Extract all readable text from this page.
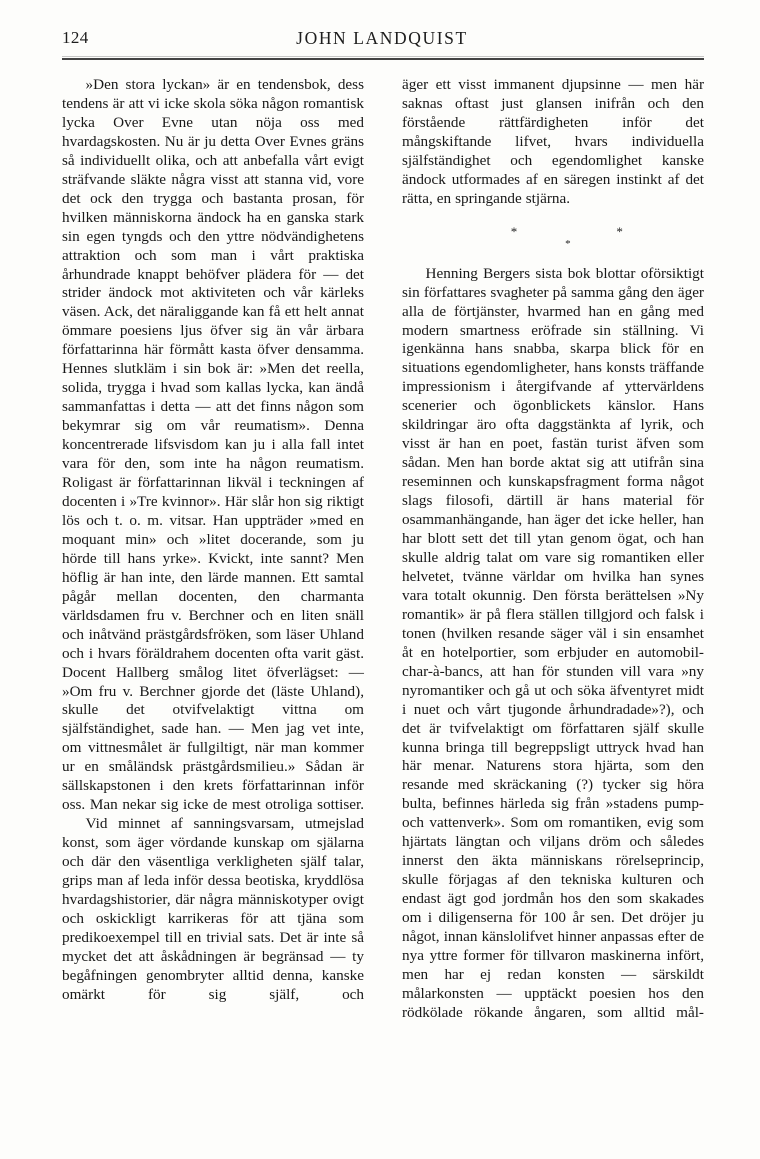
124	JOHN LANDQUIST

»Den stora lyckan» är en tendensbok, dess tendens är att vi icke skola söka någon romantisk lycka Over Evne utan nöja oss med hvardagskosten. Nu är ju detta Over Evnes gräns så individuellt olika, och att anbefalla vårt evigt sträfvande släkte några visst att stanna vid, vore det ock den trygga och bastanta prosan, för hvilken människorna ändock ha en ganska stark sin egen tyngds och den yttre nödvändighetens attraktion och som man i vårt praktiska århundrade knappt behöfver plädera för — det strider ändock mot aktiviteten och vår kärleks väsen. Ack, det näraliggande kan få ett helt annat ömmare poesiens ljus öfver sig än vår ärbara författarinna här förmått kasta öfver densamma. Hennes slutkläm i sin bok är: »Men det reella, solida, trygga i hvad som kallas lycka, kan ändå sammanfattas i detta — att det finns någon som bekymrar sig om vår reumatism». Denna koncentrerade lifsvisdom kan ju i alla fall intet vara för den, som inte ha någon reumatism. Roligast är författarinnan likväl i teckningen af docenten i »Tre kvinnor». Här slår hon sig riktigt lös och t. o. m. vitsar. Han uppträder »med en moquant min» och »litet docerande, som ju hörde till hans yrke». Kvickt, inte sannt? Men höflig är han inte, den lärde mannen. Ett samtal pågår mellan docenten, den charmanta världsdamen fru v. Berchner och en liten snäll och inåtvänd prästgårdsfröken, som läser Uhland och i hvars föräldrahem docenten ofta varit gäst. Docent Hallberg smålog litet öfverlägset: — »Om fru v. Berchner gjorde det (läste Uhland), skulle det otvifvelaktigt vittna om själfständighet, sade han. — Men jag vet inte, om vittnesmålet är fullgiltigt, när man kommer ur en småländsk prästgårdsmilieu.» Sådan är sällskapstonen i den krets författarinnan inför oss. Man nekar sig icke de mest otroliga sottiser.

Vid minnet af sanningsvarsam, utmejslad konst, som äger vördande kunskap om själarna och där den väsentliga verkligheten själf talar, grips man af leda inför dessa beotiska, kryddlösa hvardagshistorier, där några människotyper ovigt och oskickligt karrikeras för att tjäna som predikoexempel till en trivial sats. Det är inte så mycket det att åskådningen är begränsad — ty begåfningen genombryter alltid denna, kanske omärkt för sig själf, och

äger ett visst immanent djupsinne — men här saknas oftast just glansen inifrån och den förstående rättfärdigheten inför det mångskiftande lifvet, hvars individuella själfständighet och egendomlighet kanske ändock utformades af en säregen instinkt af det rätta, en springande stjärna.

*	*
*

Henning Bergers sista bok blottar oförsiktigt sin författares svagheter på samma gång den äger alla de förtjänster, hvarmed han en gång med modern smartness eröfrade sin ställning. Vi igenkänna hans snabba, skarpa blick för en situations egendomligheter, hans konsts träffande impressionism i återgifvande af yttervärldens scenerier och ögonblickets känslor. Hans skildringar äro ofta daggstänkta af lyrik, och visst är han en poet, fastän turist äfven som sådan. Men han borde aktat sig att utifrån sina reseminnen och kunskapsfragment forma något slags filosofi, därtill är hans material för osammanhängande, han äger det icke heller, han har blott sett det till ytan genom ögat, och han skulle aldrig talat om vare sig romantiken eller helvetet, tvänne världar om hvilka han synes vara totalt okunnig. Den första berättelsen »Ny romantik» är på flera ställen tillgjord och falsk i tonen (hvilken resande säger väl i sin ensamhet åt en hotelportier, som erbjuder en automobil-char-à-bancs, att han för stunden vill vara »ny nyromantiker och gå ut och söka äfventyret midt i nuet och vårt tjugonde århundradade»?), och det är tvifvelaktigt om författaren själf skulle kunna bringa till begreppsligt uttryck hvad han här menar. Naturens stora hjärta, som den resande med skräckaning (?) tycker sig höra bulta, befinnes härleda sig från »stadens pump- och vattenverk». Som om romantiken, evig som hjärtats längtan och viljans dröm och således innerst den äkta människans rörelseprincip, skulle förjagas af den tekniska kulturen och endast ägt god jordmån hos den som skakades om i diligenserna för 100 år sen. Det dröjer ju något, innan känslolifvet hinner anpassas efter de nya yttre former för tillvaron maskinerna infört, men har ej redan konsten — särskildt målarkonsten — upptäckt poesien hos den rödkölade rökande ångaren, som alltid mål-
